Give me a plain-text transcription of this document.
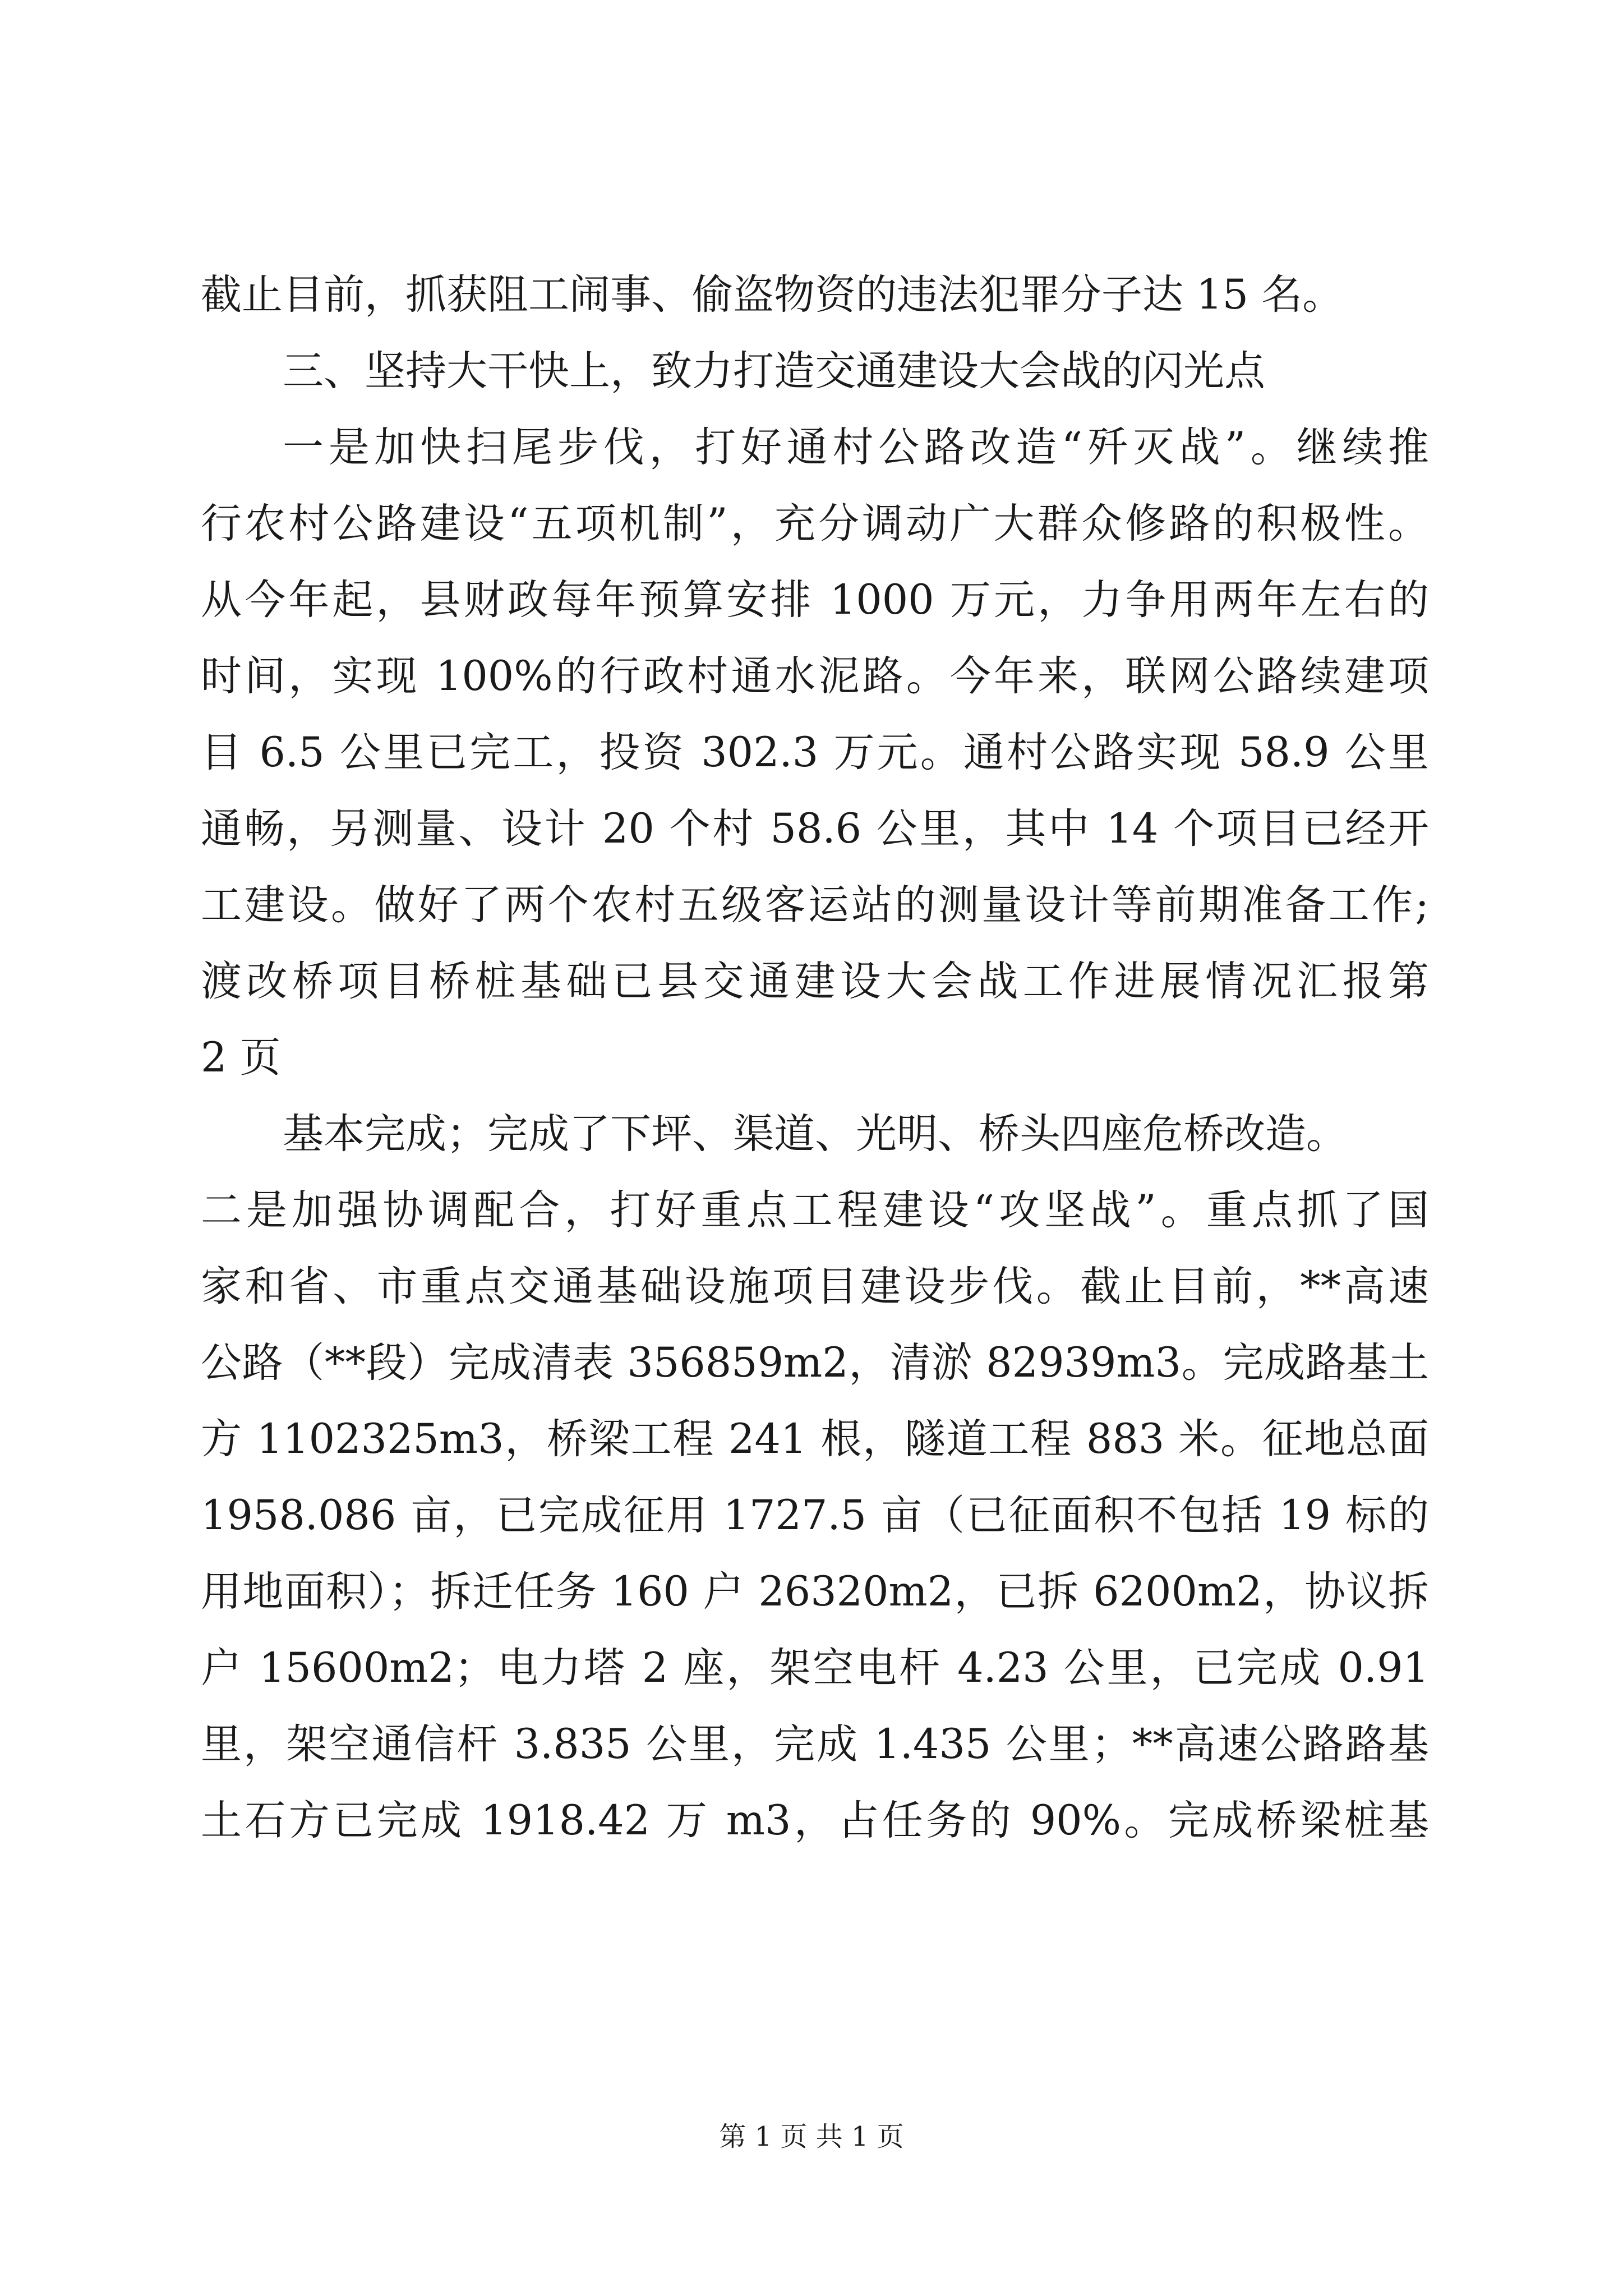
截止目前，抓获阻工闹事、偷盗物资的违法犯罪分子达 15 名。
三、坚持大干快上，致力打造交通建设大会战的闪光点
一是加快扫尾步伐，打好通村公路改造“歼灭战”。继续推
行农村公路建设“五项机制”，充分调动广大群众修路的积极性。
从今年起，县财政每年预算安排 1000 万元，力争用两年左右的
时间，实现 100%的行政村通水泥路。今年来，联网公路续建项
目 6.5 公里已完工，投资 302.3 万元。通村公路实现 58.9 公里
通畅，另测量、设计 20 个村 58.6 公里，其中 14 个项目已经开
工建设。做好了两个农村五级客运站的测量设计等前期准备工作;
渡改桥项目桥桩基础已县交通建设大会战工作进展情况汇报第
2 页
基本完成；完成了下坪、渠道、光明、桥头四座危桥改造。
二是加强协调配合，打好重点工程建设“攻坚战”。重点抓了国
家和省、市重点交通基础设施项目建设步伐。截止目前，**高速
公路（**段）完成清表 356859m2，清淤 82939m3。完成路基土
方 1102325m3，桥梁工程 241 根，隧道工程 883 米。征地总面
1958.086 亩，已完成征用 1727.5 亩（已征面积不包括 19 标的
用地面积）；拆迁任务 160 户 26320m2，已拆 6200m2，协议拆
户 15600m2；电力塔 2 座，架空电杆 4.23 公里，已完成 0.91
里，架空通信杆 3.835 公里，完成 1.435 公里；**高速公路路基
土石方已完成 1918.42 万 m3，占任务的 90%。完成桥梁桩基
第 1 页 共 1 页
